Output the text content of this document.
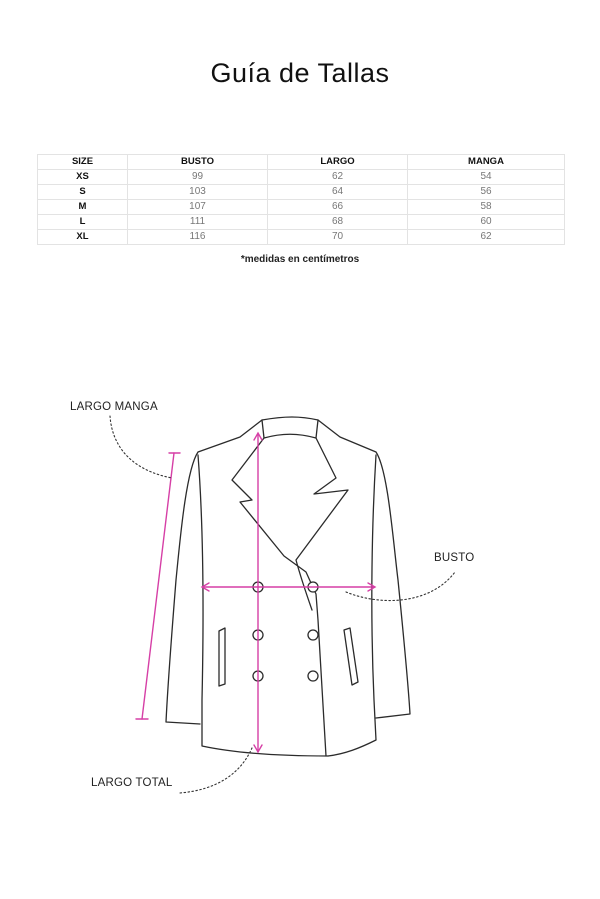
Guía de Tallas
SIZE	BUSTO	LARGO	MANGA
XS	99	62	54
S	103	64	56
M	107	66	58
L	111	68	60
XL	116	70	62
*medidas en centímetros
LARGO MANGA
BUSTO
LARGO TOTAL
